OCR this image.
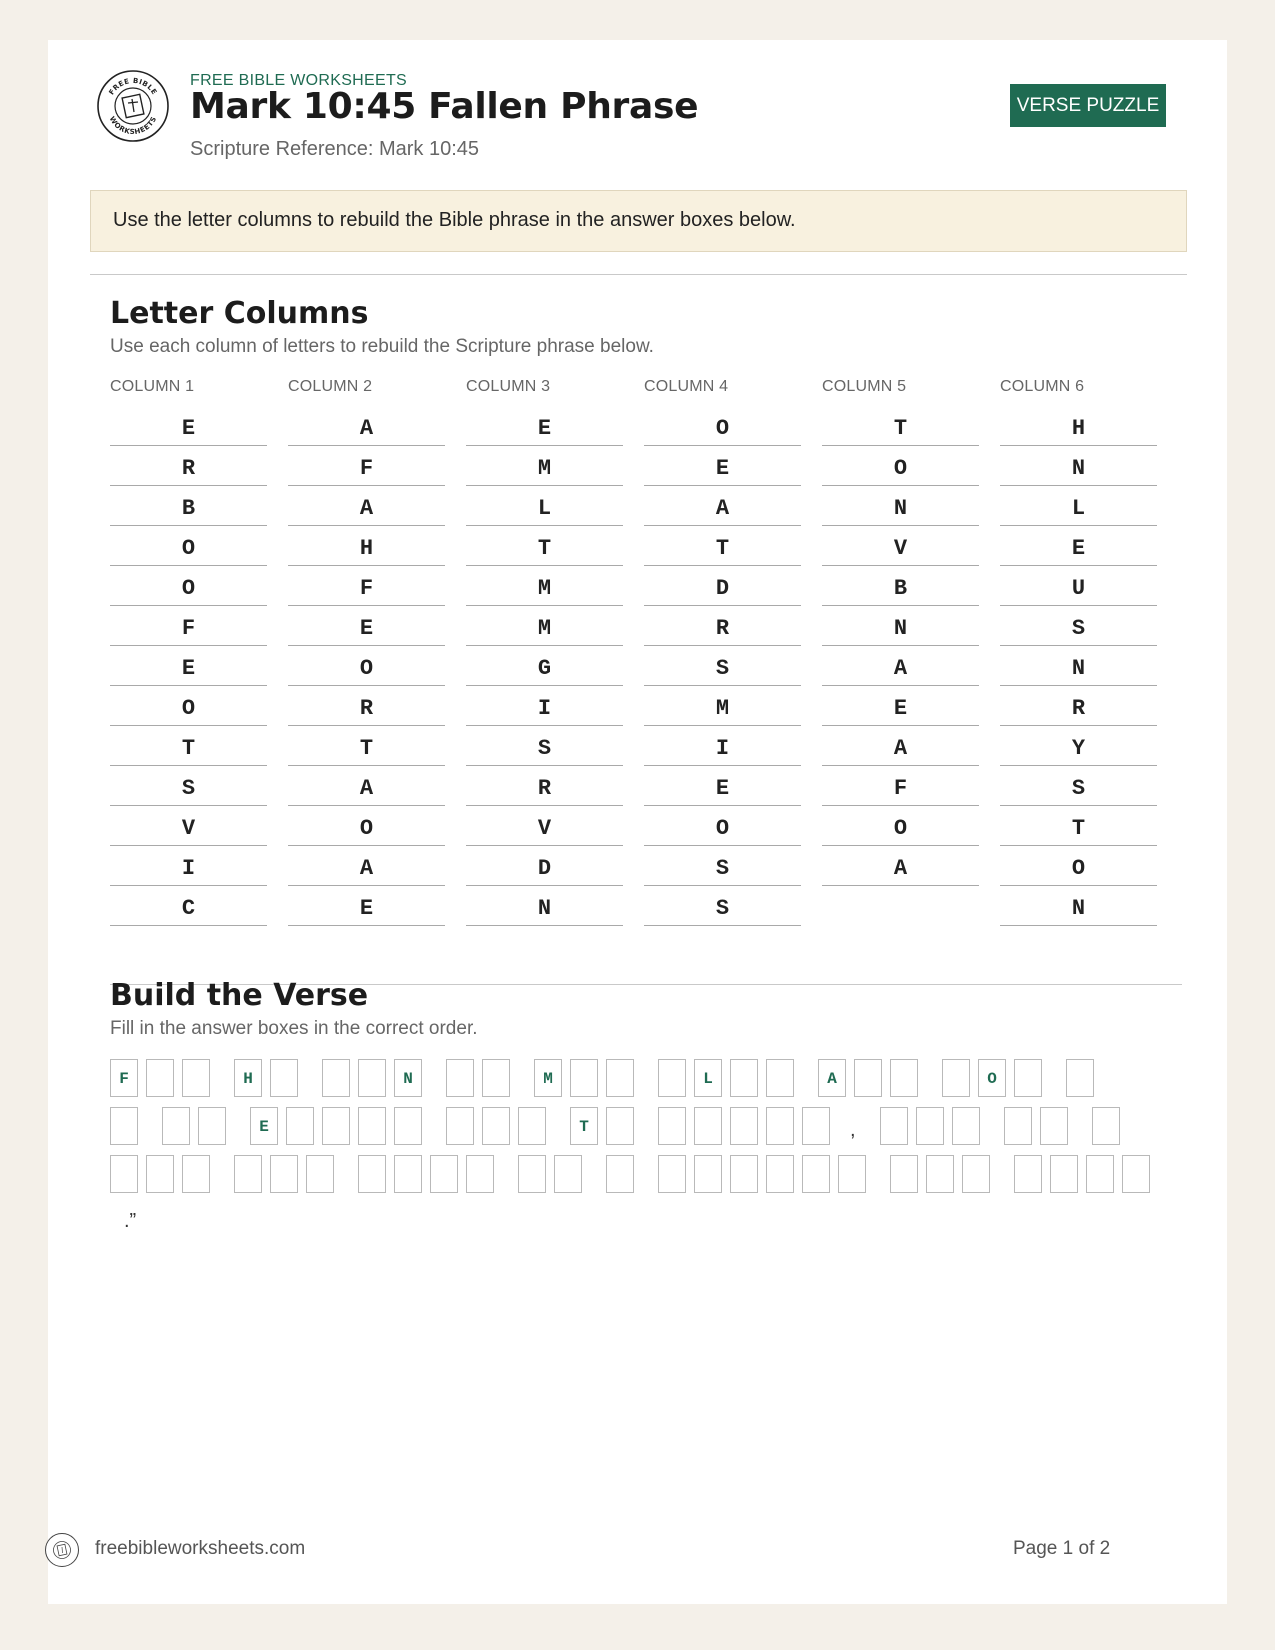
FREE BIBLE
WORKSHEETS
FREE BIBLE WORKSHEETS
Mark 10:45 Fallen Phrase
Scripture Reference: Mark 10:45
VERSE PUZZLE
Use the letter columns to rebuild the Bible phrase in the answer boxes below.
Letter Columns
Use each column of letters to rebuild the Scripture phrase below.
COLUMN 1
E
R
B
O
O
F
E
O
T
S
V
I
C
COLUMN 2
A
F
A
H
F
E
O
R
T
A
O
A
E
COLUMN 3
E
M
L
T
M
M
G
I
S
R
V
D
N
COLUMN 4
O
E
A
T
D
R
S
M
I
E
O
S
S
COLUMN 5
T
O
N
V
B
N
A
E
A
F
O
A
COLUMN 6
H
N
L
E
U
S
N
R
Y
S
T
O
N
Build the Verse
Fill in the answer boxes in the correct order.
F	H	N	M	L	A	O
E	T	,
.”
freebibleworksheets.com	Page 1 of 2
